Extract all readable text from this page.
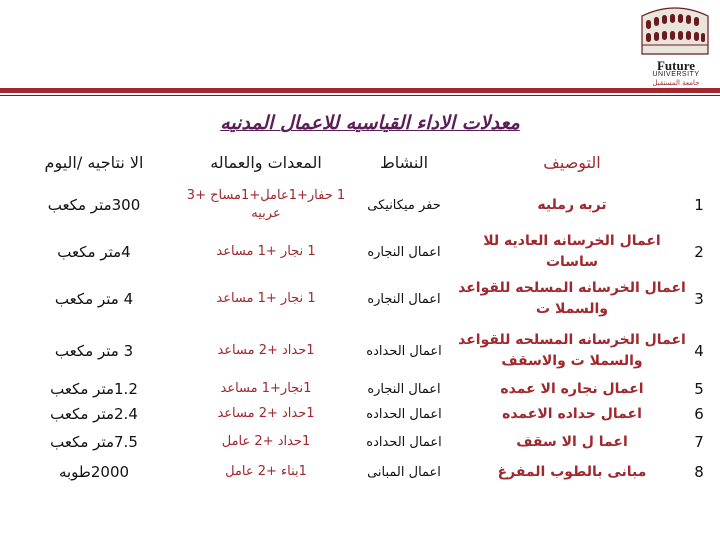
Future
UNIVERSITY
جامعة المستقبل
معدلات الاداء القياسيه للاعمال المدنيه
	التوصيف	النشاط	المعدات والعماله	الا نتاجيه /اليوم
1	تربه رمليه	حفر ميكانيكى	1 حفار+1عامل+1مساح +3 عربيه	300متر مكعب
2	اعمال الخرسانه العاديه للا ساسات	اعمال النجاره	1 نجار +1 مساعد	4متر مكعب
3	اعمال الخرسانه المسلحه للقواعد والسملا ت	اعمال النجاره	1 نجار +1 مساعد	4 متر مكعب
4	اعمال الخرسانه المسلحه للقواعد والسملا ت والاسقف	اعمال الحداده	1حداد +2 مساعد	3 متر مكعب
5	اعمال نجاره الا عمده	اعمال النجاره	1نجار+1 مساعد	1.2متر مكعب
6	اعمال حداده الاعمده	اعمال الحداده	1حداد +2 مساعد	2.4متر مكعب
7	اعما ل الا سقف	اعمال الحداده	1حداد +2 عامل	7.5متر مكعب
8	مبانى بالطوب المفرغ	اعمال المبانى	1بناء +2 عامل	2000طوبه
